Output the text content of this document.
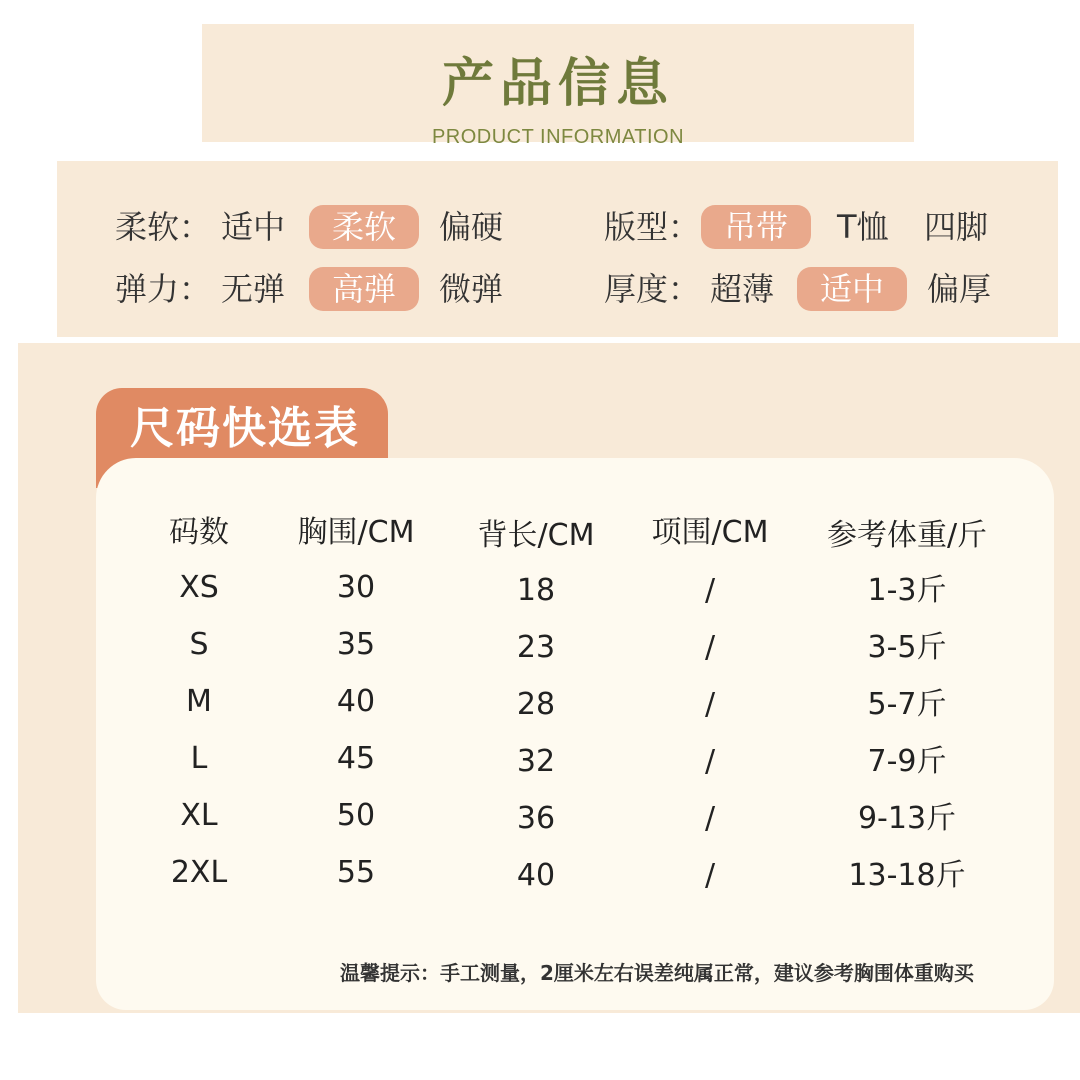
产品信息
PRODUCT INFORMATION
柔软： 适中	柔软	偏硬	版型： 吊带	T恤 四脚
弹力： 无弹	高弹	微弹	厚度： 超薄	适中	偏厚
尺码快选表
码数 胸围/CM 背长/CM 项围/CM 参考体重/斤
XS	30	18	/	1-3斤
S	35	23	/	3-5斤
M	40	28	/	5-7斤
L	45	32	/	7-9斤
XL	50	36	/	9-13斤
2XL	55	40	/	13-18斤
温馨提示：手工测量，2厘米左右误差纯属正常，建议参考胸围体重购买
